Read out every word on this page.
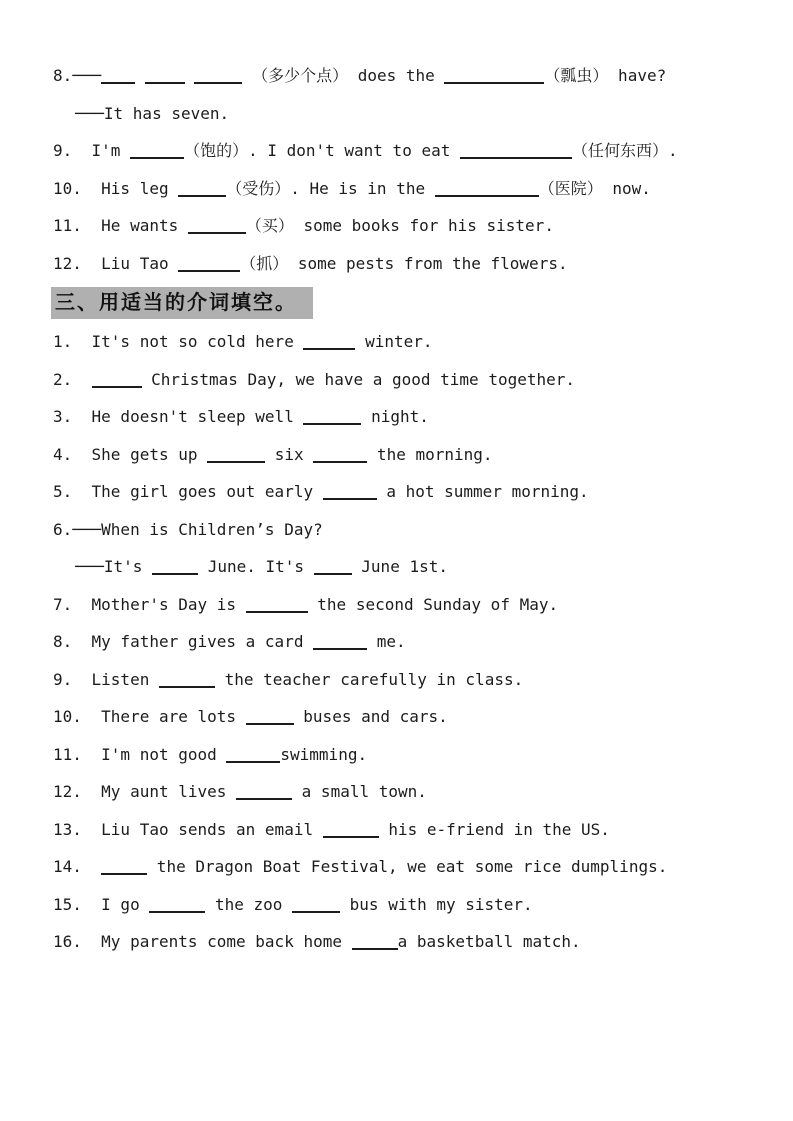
8.───	（多少个点） does the	（瓢虫） have?
───It has seven.
9.  I'm	（饱的）. I don't want to eat	（任何东西）.
10.  His leg	（受伤）. He is in the	（医院） now.
11.  He wants	（买） some books for his sister.
12.  Liu Tao	（抓） some pests from the flowers.
三、用适当的介词填空。
1.  It's not so cold here	winter.
2.	Christmas Day, we have a good time together.
3.  He doesn't sleep well	night.
4.  She gets up	six	the morning.
5.  The girl goes out early	a hot summer morning.
6.───When is Children’s Day?
───It's	June. It's  June 1st.
7.  Mother's Day is	the second Sunday of May.
8.  My father gives a card	me.
9.  Listen	the teacher carefully in class.
10.  There are lots	buses and cars.
11.  I'm not good	swimming.
12.  My aunt lives	a small town.
13.  Liu Tao sends an email	his e-friend in the US.
14.	the Dragon Boat Festival, we eat some rice dumplings.
15.  I go	the zoo	bus with my sister.
16.  My parents come back home	a basketball match.
